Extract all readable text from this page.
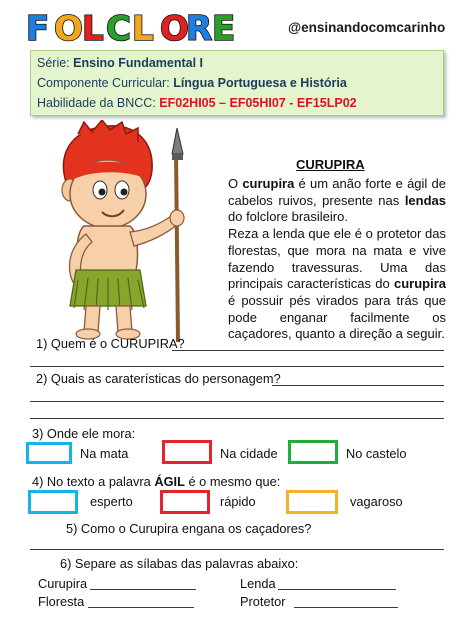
F O L C L O
R E	@ensinandocomcarinho
Série: Ensino Fundamental I
Componente Curricular: Língua Portuguesa e História
Habilidade da BNCC: EF02HI05 – EF05HI07 - EF15LP02
CURUPIRA

O curupira é um anão forte e ágil de cabelos ruivos, presente nas lendas do folclore brasileiro.

Reza a lenda que ele é o protetor das florestas, que mora na mata e vive fazendo travessuras. Uma das principais características do curupira é possuir pés virados para trás que pode enganar facilmente os caçadores, quanto a direção a seguir.

1) Quem é o CURUPIRA?
2) Quais as caraterísticas do personagem?
3) Onde ele mora:
Na mata	Na cidade	No castelo
4) No texto a palavra ÁGIL é o mesmo que:
esperto	rápido	vagaroso
5) Como o Curupira engana os caçadores?
6) Separe as sílabas das palavras abaixo:
Curupira	Lenda
Floresta	Protetor
